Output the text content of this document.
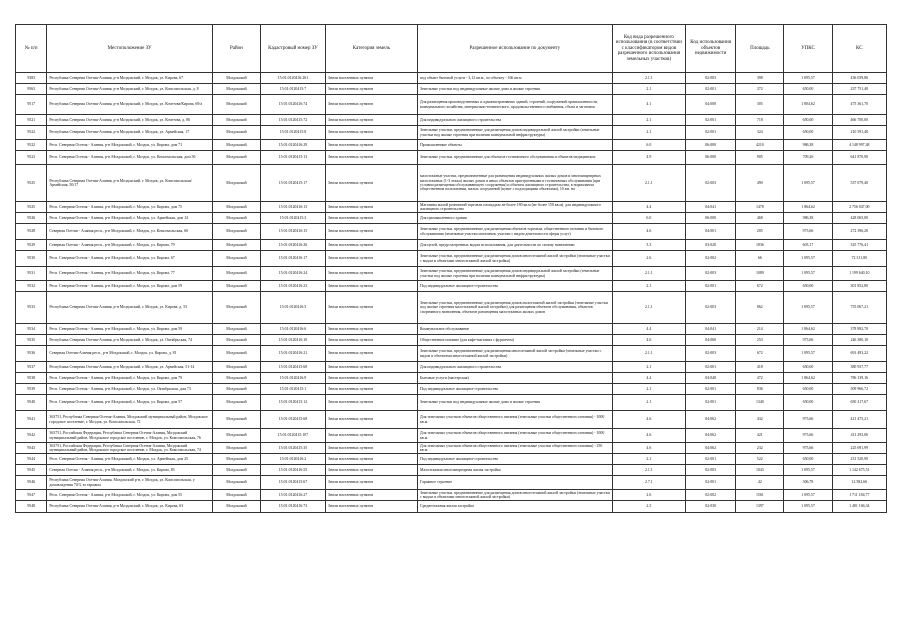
№ п/п	Местоположение ЗУ	Район	Кадастровый номер ЗУ	Категория земель	Разрешенное использование по документу	Код вида разрешенного использования (в соответствии с классификатором видов разрешенного использования земельных участков)	Код использования объектов недвижимости	Площадь	УПКС	КС
9383	Республика Северная Осетия-Алания, р-н Моздокский, г. Моздок, ул. Кирова, 67	Моздокский	15:01:0120416:261	Земли населенных пунктов	под объект бытовой услуги - 3,12 кв.м., по объекту - 166 кв.м	2.1.1	02:003	398	1 095,57	436 039,86
9563	Республика Северная Осетия-Алания, р-н Моздокский, г. Моздок, ул. Комсомольская, д. 8	Моздокский	15:01:0120415:7	Земли населенных пунктов	Земельные участки под индивидуальные жилые дома и жилые строения	2.1	02:001	372	650,00	237 751,40
9517	Республика Северная Осетия-Алания, р-н Моздокский, г. Моздок, ул. Кочетова/Кирова, 69/а	Моздокский	15:01:0120416:74	Земли населенных пунктов	Для размещения производственных и административных зданий, строений, сооружений промышленности, коммунального хозяйства, материально-технического, продовольственного снабжения, сбыта и заготовок	4.1	04:008	305	1 804,62	475 361,70
9521	Республика Северная Осетия-Алания, р-н Моздокский, г. Моздок, ул. Кочетова, д. 86	Моздокский	15:01:0120415:72	Земли населенных пунктов	Для индивидуального жилищного строительства	2.1	02:001	718	650,00	466 700,00
9522	Республика Северная Осетия-Алания, р-н Моздокский, г. Моздок, ул. Армейская, 17	Моздокский	15:01:0120415:8	Земли населенных пунктов	Земельные участки, предназначенные для размещения домов индивидуальной жилой застройки (земельные участки под жилые строения при наличии коммунальной инфраструктуры)	2.1	02:001	324	650,00	210 591,40
9522	Респ. Северная Осетия - Алания, р-н Моздокский, г. Моздок, ул. Кирова, дом 71	Моздокский	15:01:0120416:29	Земли населенных пунктов	Промышленные объекты	6.0	06:000	4210	986,38	4 148 997,48
9523	Респ. Северная Осетия - Алания, р-н Моздокский, г. Моздок, ул. Комсомольская, дом 56	Моздокский	15:01:0120415:13	Земли населенных пунктов	Земельные участки, предназначенные для объектов гостиничного обслуживания и объектов медицинских	4.9	06:000	905	709,26	641 870,90
9525	Республика Северная Осетия-Алания, р-н Моздокский, г. Моздок, ул. Комсомольская/Армейская, 50/17	Моздокский	15:01:0120415:17	Земли населенных пунктов	малоэтажные участки, предназначенные для размещения индивидуальных жилых домов и многоквартирных малоэтажных (1-3 этажа) жилых домов и иных объектов пристроенными и гостиничных обслуживания (при условии размещения обслуживающего сооружения) и объекты жилищного строительства, в нормальном общественном пользовании, малых сооружений (пункт с подходящими объектами), 10 км. на	2.1.1	02:003	490	1 095,57	537 079,40
9525	Респ. Северная Осетия - Алания, р-н Моздокский, г. Моздок, ул. Кирова, дом 75	Моздокский	15:01:0120416:13	Земли населенных пунктов	Магазины малой розничной торговли площадью не более 180 кв.м (не более 150 кв.м), для индивидуального жилищного строительства	4.4	04:041	1478	1 864,62	2 756 047,00
9526	Респ. Северная Осетия - Алания, р-н Моздокский, г. Моздок, ул. Армейская, дом 14	Моздокский	15:01:0120415:3	Земли населенных пунктов	Для промышленного здания	6.0	06:000	468	986,38	428 065,00
9528	Северная Осетия - Алания респ., р-н Моздокский, г. Моздок, ул. Комсомольская, 60	Моздокский	15:01:0120416:15	Земли населенных пунктов	Земельные участки, предназначенные для размещения объектов торговли, общественного питания и бытового обслуживания (земельные участки магазинов, участки с видом деятельности сферы услуг)	4.6	04:001	205	973,66	272 396,20
9529	Северная Осетия - Алания респ., р-н Моздокский, г. Моздок, ул. Кирова, 79	Моздокский	15:01:0120416:26	Земли населенных пунктов	Для целей, предусмотренных видом использования, для деятельности по своему назначению	3.3	03:020	1836	603,17	325 776,41
9530	Респ. Северная Осетия - Алания, р-н Моздокский, г. Моздок, ул. Кирова, 67	Моздокский	15:01:0120416:17	Земли населенных пунктов	Земельные участки, предназначенные для размещения домов многоэтажной жилой застройки (земельные участки с видом и объектами многоэтажной жилой застройки)	2.6	02:002	66	1 095,57	72 311,80
9531	Респ. Северная Осетия - Алания, р-н Моздокский, г. Моздок, ул. Кирова, 77	Моздокский	15:01:0120416:24	Земли населенных пунктов	Земельные участки, предназначенные для размещения домов индивидуальной жилой застройки (земельные участки под жилые строения при наличии коммунальной инфраструктуры)	2.1.1	02:003	1089	1 095,57	1 199 640,10
9532	Респ. Северная Осетия - Алания, р-н Моздокский, г. Моздок, ул. Кирова, дом 59	Моздокский	15:01:0120416:23	Земли населенных пунктов	Под индивидуальное жилищное строительство	2.1	02:001	672	650,00	301 852,80
9533	Республика Северная Осетия-Алания, р-н Моздокский, г. Моздок, ул. Кирова, д. 53	Моздокский	15:01:0120416:5	Земли населенных пунктов	Земельные участки, предназначенные для размещения домов малоэтажной жилой застройки (земельные участки под жилые строения малоэтажной жилой застройки) для размещения объектов обслуживания, объектов спортивного назначения, объектов размещения малоэтажных жилых домов	2.1.1	02:003	862	1 095,57	755 067,21
9534	Респ. Северная Осетия - Алания, р-н Моздокский, г. Моздок, ул. Кирова, дом 59	Моздокский	15:01:0120416:6	Земли населенных пунктов	Коммунальное обслуживание	4.4	04:041	214	1 864,62	378 892,70
9535	Республика Северная Осетия-Алания, р-н Моздокский, г. Моздок, ул. Октябрьская, 74	Моздокский	15:01:0120416:10	Земли населенных пунктов	Общественное питание (для кафе-магазина с фуршетом)	4.6	04:060	253	973,66	246 380,10
9536	Северная Осетия-Алания респ., р-н Моздокский, г. Моздок, ул. Кирова, д. 81	Моздокский	15:01:0120416:21	Земли населенных пунктов	Земельные участки, предназначенные для размещения многоэтажной жилой застройки (земельные участки с видом и объектами многоэтажной жилой застройки)	2.1.1	02:003	672	1 095,57	691 493,22
9537	Республика Северная Осетия-Алания, р-н Моздокский, г. Моздок, ул. Армейская, 51-14	Моздокский	15:01:0120415:68	Земли населенных пунктов	Для индивидуального жилищного строительства	2.1	02:001	418	650,00	380 937,77
9538	Респ. Северная Осетия - Алания, р-н Моздокский, г. Моздок, ул. Кирова, дом 79	Моздокский	15:01:0120416:9	Земли населенных пунктов	Бытовые услуги (мастерская)	4.4	04:040	472	1 864,62	786 139,16
9539	Респ. Северная Осетия - Алания, р-н Моздокский, г. Моздок, ул. Октябрьская, дом 73	Моздокский	15:01:0120415:1	Земли населенных пунктов	Под индивидуальное жилищное строительство	2.1	02:001	836	650,00	509 966,72
9540	Респ. Северная Осетия - Алания, р-н Моздокский, г. Моздок, ул. Кирова, дом 57	Моздокский	15:01:0120415:12	Земли населенных пунктов	Земельные участки под индивидуальные жилые дома и жилые строения	2.1	02:001	1340	650,00	650 217,67
9541	363751, Республика Северная Осетия-Алания, Моздокский муниципальный район, Моздокское городское поселение, г. Моздок, ул. Комсомольская, 72	Моздокский	15:01:0120415:68	Земли населенных пунктов	Для земельных участков объектов общественного питания (земельные участки общественного питания) - 1000 кв.м.	4.6	04:062	432	973,66	421 475,21
9542	363751, Российская Федерация, Республика Северная Осетия-Алания, Моздокский муниципальный район, Моздокское городское поселение, г. Моздок, ул. Комсомольская, 76	Моздокский	15:01:0120415:107	Земли населенных пунктов	Для земельных участков объектов общественного питания (земельные участки общественного питания) - 1000 кв.м.	4.6	04:062	421	973,66	411 293,06
9543	363751, Российская Федерация, Республика Северная Осетия-Алания, Моздокский муниципальный район, Моздокское городское поселение, г. Моздок, ул. Комсомольская, 74	Моздокский	15:01:0120415:35	Земли населенных пунктов	Для земельных участков объектов общественного питания (земельные участки общественного питания) - 250 кв.м.	4.6	04:062	232	973,66	225 691,99
9544	Респ. Северная Осетия - Алания, р-н Моздокский, г. Моздок, ул. Армейская, дом 25	Моздокский	15:01:0120416:2	Земли населенных пунктов	Под индивидуальное жилищное строительство	2.1	02:001	522	650,00	231 520,90
9545	Северная Осетия - Алания респ., р-н Моздокский, г. Моздок, ул. Кирова, 83	Моздокский	15:01:0120416:55	Земли населенных пунктов	Малоэтажная многоквартирная жилая застройка	2.1.1	02:003	1043	1 095,57	1 142 675,51
9546	Республика Северная Осетия-Алания, Моздокский р-н, г. Моздок, ул. Комсомольская, у домовладения 70/3, за гаражом	Моздокский	15:01:0120415:67	Земли населенных пунктов	Гаражное строение	2.7.1	02:001	42	306,78	12 582,66
9547	Респ. Северная Осетия - Алания, р-н Моздокский, г. Моздок, ул. Кирова, дом 55	Моздокский	15:01:0120416:27	Земли населенных пунктов	Земельные участки, предназначенные для размещения домов многоэтажной жилой застройки (земельные участки с видом и объектами многоэтажной жилой застройки)	2.6	02:002	1561	1 095,57	1 711 184,77
9548	Республика Северная Осетия-Алания, р-н Моздокский, г. Моздок, ул. Кирова, 63	Моздокский	15:01:0120416:73	Земли населенных пунктов	Среднеэтажная жилая застройка	2.5	02:030	1397	1 095,57	1 481 166,34
